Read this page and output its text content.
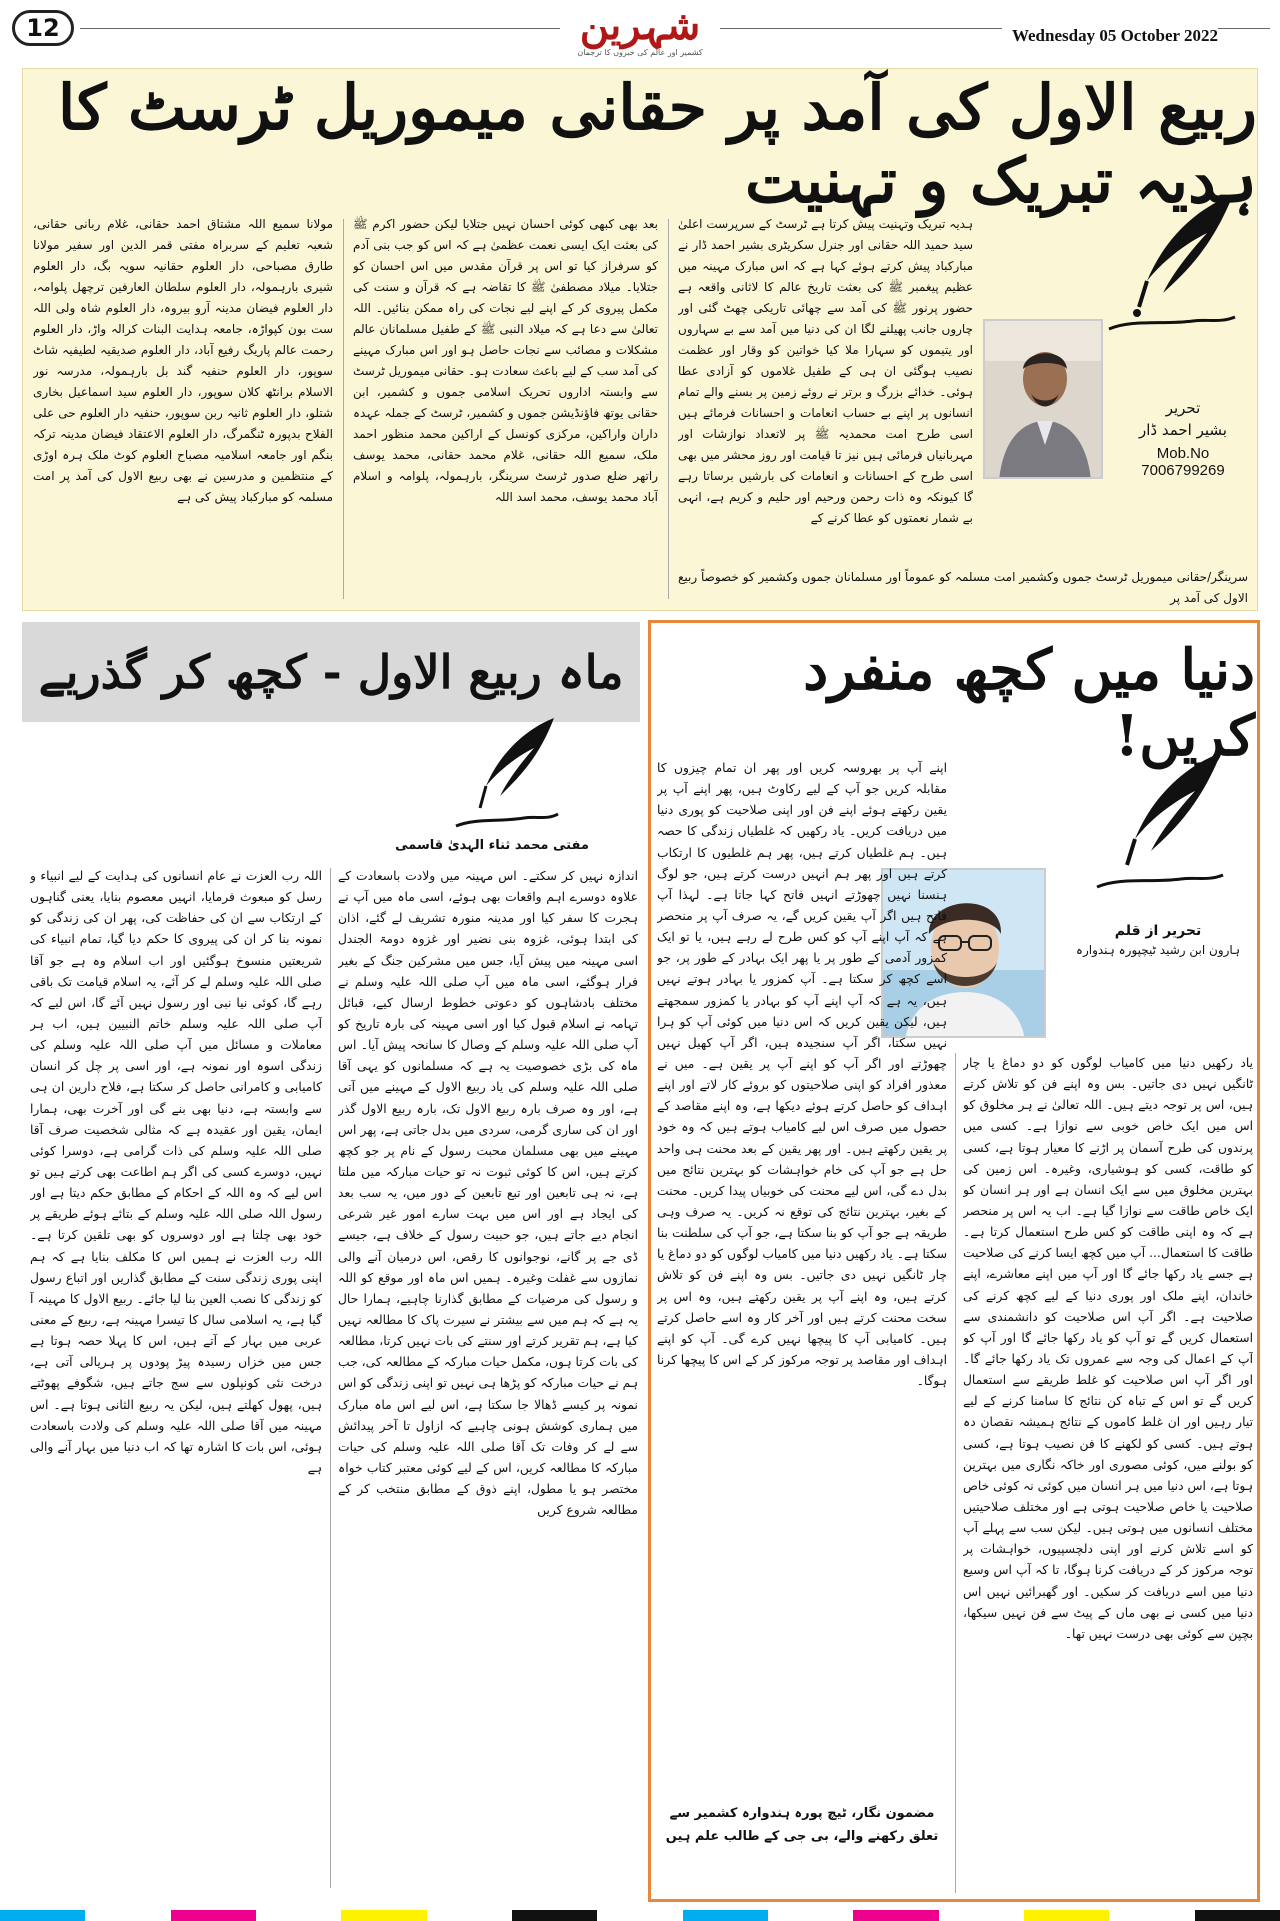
12	شہرین
کشمیر اور عالم کی خبروں کا ترجمان
Wednesday 05 October 2022
ربیع الاول کی آمد پر حقانی میموریل ٹرسٹ کا ہدیہ تبریک و تہنیت
تحریر
بشیر احمد ڈار
Mob.No 7006799269
ہدیہ تبریک وتہنیت پیش کرتا ہے ٹرسٹ کے سرپرست اعلیٰ سید حمید اللہ حقانی اور جنرل سکریٹری بشیر احمد ڈار نے مبارکباد پیش کرتے ہوئے کہا ہے کہ اس مبارک مہینہ میں عظیم پیغمبر ﷺ کی بعثت تاریخ عالم کا لاثانی واقعہ ہے حضور پرنور ﷺ کی آمد سے چھائی تاریکی چھٹ گئی اور چاروں جانب پھیلنے لگا ان کی دنیا میں آمد سے بے سہاروں اور یتیموں کو سہارا ملا کیا خواتین کو وقار اور عظمت نصیب ہوگئی ان ہی کے طفیل غلاموں کو آزادی عطا ہوئی۔ خدائے بزرگ و برتر نے روئے زمین پر بسنے والے تمام انسانوں پر اپنے بے حساب انعامات و احسانات فرمائے ہیں اسی طرح امت محمدیہ ﷺ پر لاتعداد نوازشات اور مہربانیاں فرمائی ہیں نیز تا قیامت اور روز محشر میں بھی اسی طرح کے احسانات و انعامات کی بارشیں برساتا رہے گا کیونکہ وہ ذات رحمن ورحیم اور حلیم و کریم ہے، انہی بے شمار نعمتوں کو عطا کرنے کے
بعد بھی کبھی کوئی احسان نہیں جتلایا لیکن حضور اکرم ﷺ کی بعثت ایک ایسی نعمت عظمیٰ ہے کہ اس کو جب بنی آدم کو سرفراز کیا تو اس پر قرآن مقدس میں اس احسان کو جتلایا۔ میلاد مصطفیٰ ﷺ کا تقاضہ ہے کہ قرآن و سنت کی مکمل پیروی کر کے اپنے لیے نجات کی راہ ممکن بنائیں۔ اللہ تعالیٰ سے دعا ہے کہ میلاد النبی ﷺ کے طفیل مسلمانان عالم مشکلات و مصائب سے نجات حاصل ہو اور اس مبارک مہینے کی آمد سب کے لیے باعث سعادت ہو۔ حقانی میموریل ٹرسٹ سے وابستہ اداروں تحریک اسلامی جموں و کشمیر، ابن حقانی یوتھ فاؤنڈیشن جموں و کشمیر، ٹرسٹ کے جملہ عہدہ داران واراکین، مرکزی کونسل کے اراکین محمد منظور احمد ملک، سمیع اللہ حقانی، غلام محمد حقانی، محمد یوسف راتھر ضلع صدور ٹرسٹ سرینگر، بارہمولہ، پلوامہ و اسلام آباد محمد یوسف، محمد اسد اللہ
مولانا سمیع اللہ مشتاق احمد حقانی، غلام ربانی حقانی، شعبہ تعلیم کے سربراہ مفتی قمر الدین اور سفیر مولانا طارق مصباحی، دار العلوم حقانیہ سویہ بگ، دار العلوم شیری بارہمولہ، دار العلوم سلطان العارفین ترچھل پلوامہ، دار العلوم فیضان مدینہ آرو بیروہ، دار العلوم شاہ ولی اللہ ست بون کپواڑہ، جامعہ ہدایت البنات کرالہ واڑ، دار العلوم رحمت عالم پاریگ رفیع آباد، دار العلوم صدیقیہ لطیفیہ شاٹ سوپور، دار العلوم حنفیہ گند بل بارہمولہ، مدرسہ نور الاسلام برانٹھ کلان سوپور، دار العلوم سید اسماعیل بخاری شتلو، دار العلوم ثانیہ ربن سوپور، حنفیہ دار العلوم حی علی الفلاح بدپورہ ٹنگمرگ، دار العلوم الاعتقاد فیضان مدینہ ترکہ بنگم اور جامعہ اسلامیہ مصباح العلوم کوٹ ملک ہرہ اوڑی کے منتظمین و مدرسین نے بھی ربیع الاول کی آمد پر امت مسلمہ کو مبارکباد پیش کی ہے
سرینگر/حقانی میموریل ٹرسٹ جموں وکشمیر امت مسلمہ کو عموماً اور مسلمانان جموں وکشمیر کو خصوصاً ربیع الاول کی آمد پر
ماہ ربیع الاول - کچھ کر گذریے
مفتی محمد ثناء الہدیٰ قاسمی
اندازہ نہیں کر سکتے۔ اس مہینہ میں ولادت باسعادت کے علاوہ دوسرے اہم واقعات بھی ہوئے، اسی ماہ میں آپ نے ہجرت کا سفر کیا اور مدینہ منورہ تشریف لے گئے، اذان کی ابتدا ہوئی، غزوہ بنی نضیر اور غزوہ دومۃ الجندل اسی مہینہ میں پیش آیا، جس میں مشرکین جنگ کے بغیر فرار ہوگئے، اسی ماہ میں آپ صلی اللہ علیہ وسلم نے مختلف بادشاہوں کو دعوتی خطوط ارسال کیے، قبائل تہامہ نے اسلام قبول کیا اور اسی مہینہ کی بارہ تاریخ کو آپ صلی اللہ علیہ وسلم کے وصال کا سانحہ پیش آیا۔ اس ماہ کی بڑی خصوصیت یہ ہے کہ مسلمانوں کو یہی آقا صلی اللہ علیہ وسلم کی یاد ربیع الاول کے مہینے میں آتی ہے، اور وہ صرف بارہ ربیع الاول تک، بارہ ربیع الاول گذر اور ان کی ساری گرمی، سردی میں بدل جاتی ہے، پھر اس مہینے میں بھی مسلمان محبت رسول کے نام پر جو کچھ کرتے ہیں، اس کا کوئی ثبوت نہ تو حیات مبارکہ میں ملتا ہے، نہ ہی تابعین اور تبع تابعین کے دور میں، یہ سب بعد کی ایجاد ہے اور اس میں بہت سارے امور غیر شرعی انجام دیے جاتے ہیں، جو حبیت رسول کے خلاف ہے، جیسے ڈی جے پر گانے، نوجوانوں کا رقص، اس درمیان آنے والی نمازوں سے غفلت وغیرہ۔ ہمیں اس ماہ اور موقع کو اللہ و رسول کی مرضیات کے مطابق گذارنا چاہیے، ہمارا حال یہ ہے کہ ہم میں سے بیشتر نے سیرت پاک کا مطالعہ نہیں کیا ہے، ہم تقریر کرتے اور سنتے کی بات نہیں کرتا، مطالعہ کی بات کرتا ہوں، مکمل حیات مبارکہ کے مطالعہ کی، جب ہم نے حیات مبارکہ کو پڑھا ہی نہیں تو اپنی زندگی کو اس نمونہ پر کیسے ڈھالا جا سکتا ہے، اس لیے اس ماہ مبارک میں ہماری کوشش ہونی چاہیے کہ ازاول تا آخر پیدائش سے لے کر وفات تک آقا صلی اللہ علیہ وسلم کی حیات مبارکہ کا مطالعہ کریں، اس کے لیے کوئی معتبر کتاب خواہ مختصر ہو یا مطول، اپنے ذوق کے مطابق منتخب کر کے مطالعہ شروع کریں
اللہ رب العزت نے عام انسانوں کی ہدایت کے لیے انبیاء و رسل کو مبعوث فرمایا، انہیں معصوم بنایا، یعنی گناہوں کے ارتکاب سے ان کی حفاظت کی، پھر ان کی زندگی کو نمونہ بنا کر ان کی پیروی کا حکم دیا گیا، تمام انبیاء کی شریعتیں منسوخ ہوگئیں اور اب اسلام وہ ہے جو آقا صلی اللہ علیہ وسلم لے کر آئے، یہ اسلام قیامت تک باقی رہے گا، کوئی نیا نبی اور رسول نہیں آئے گا، اس لیے کہ آپ صلی اللہ علیہ وسلم خاتم النبیین ہیں، اب ہر معاملات و مسائل میں آپ صلی اللہ علیہ وسلم کی زندگی اسوہ اور نمونہ ہے، اور اسی پر چل کر انسان کامیابی و کامرانی حاصل کر سکتا ہے، فلاح دارین ان ہی سے وابستہ ہے، دنیا بھی بنے گی اور آخرت بھی، ہمارا ایمان، یقین اور عقیدہ ہے کہ مثالی شخصیت صرف آقا صلی اللہ علیہ وسلم کی ذات گرامی ہے، دوسرا کوئی نہیں، دوسرے کسی کی اگر ہم اطاعت بھی کرتے ہیں تو اس لیے کہ وہ اللہ کے احکام کے مطابق حکم دیتا ہے اور رسول اللہ صلی اللہ علیہ وسلم کے بتائے ہوئے طریقے پر خود بھی چلتا ہے اور دوسروں کو بھی تلقین کرتا ہے۔ اللہ رب العزت نے ہمیں اس کا مکلف بنایا ہے کہ ہم اپنی پوری زندگی سنت کے مطابق گذاریں اور اتباع رسول کو زندگی کا نصب العین بنا لیا جائے۔ ربیع الاول کا مہینہ آ گیا ہے، یہ اسلامی سال کا تیسرا مہینہ ہے، ربیع کے معنی عربی میں بہار کے آتے ہیں، اس کا پہلا حصہ ہوتا ہے جس میں خزاں رسیدہ پیڑ پودوں پر ہریالی آتی ہے، درخت نئی کونپلوں سے سج جاتے ہیں، شگوفے پھوٹتے ہیں، پھول کھلتے ہیں، لیکن یہ ربیع الثانی ہوتا ہے۔ اس مہینہ میں آقا صلی اللہ علیہ وسلم کی ولادت باسعادت ہوئی، اس بات کا اشارہ تھا کہ اب دنیا میں بہار آنے والی ہے
دنیا میں کچھ منفرد کریں!
تحریر از قلم
ہارون ابن رشید ٹیچپورہ ہندوارہ
اپنے آپ پر بھروسہ کریں اور پھر ان تمام چیزوں کا مقابلہ کریں جو آپ کے لیے رکاوٹ ہیں، پھر اپنے آپ پر یقین رکھتے ہوئے اپنے فن اور اپنی صلاحیت کو پوری دنیا میں دریافت کریں۔ یاد رکھیں کہ غلطیاں زندگی کا حصہ ہیں۔ ہم غلطیاں کرتے ہیں، پھر ہم غلطیوں کا ارتکاب کرتے ہیں اور پھر ہم انہیں درست کرتے ہیں، جو لوگ ہنسنا نہیں چھوڑتے انہیں فاتح کہا جاتا ہے۔ لہذا آپ فاتح ہیں اگر آپ یقین کریں گے، یہ صرف آپ پر منحصر ہے کہ آپ اپنے آپ کو کس طرح لے رہے ہیں، یا تو ایک کمزور آدمی کے طور پر یا پھر ایک بہادر کے طور پر، جو اسے کچھ کر سکتا ہے۔ آپ کمزور یا بہادر ہوتے نہیں ہیں، یہ ہے کہ آپ اپنے آپ کو بہادر یا کمزور سمجھتے ہیں، لیکن یقین کریں کہ اس دنیا میں کوئی آپ کو ہرا نہیں سکتا، اگر آپ سنجیدہ ہیں، اگر آپ کھیل نہیں چھوڑتے اور اگر آپ کو اپنے آپ پر یقین ہے۔ میں نے معذور افراد کو اپنی صلاحیتوں کو بروئے کار لاتے اور اپنے اہداف کو حاصل کرتے ہوئے دیکھا ہے، وہ اپنے مقاصد کے حصول میں صرف اس لیے کامیاب ہوتے ہیں کہ وہ خود پر یقین رکھتے ہیں۔ اور پھر یقین کے بعد محنت ہی واحد حل ہے جو آپ کی خام خواہشات کو بہترین نتائج میں بدل دے گی، اس لیے محنت کی خوبیاں پیدا کریں۔ محنت کے بغیر، بہترین نتائج کی توقع نہ کریں۔ یہ صرف وہی طریقہ ہے جو آپ کو بنا سکتا ہے، جو آپ کی سلطنت بنا سکتا ہے۔ یاد رکھیں دنیا میں کامیاب لوگوں کو دو دماغ یا چار ٹانگیں نہیں دی جاتیں۔ بس وہ اپنے فن کو تلاش کرتے ہیں، وہ اپنے آپ پر یقین رکھتے ہیں، وہ اس پر سخت محنت کرتے ہیں اور آخر کار وہ اسے حاصل کرتے ہیں۔ کامیابی آپ کا پیچھا نہیں کرے گی۔ آپ کو اپنے اہداف اور مقاصد پر توجہ مرکوز کر کے اس کا پیچھا کرنا ہوگا۔
یاد رکھیں دنیا میں کامیاب لوگوں کو دو دماغ یا چار ٹانگیں نہیں دی جاتیں۔ بس وہ اپنے فن کو تلاش کرتے ہیں، اس پر توجہ دیتے ہیں۔ اللہ تعالیٰ نے ہر مخلوق کو اس میں ایک خاص خوبی سے نوازا ہے۔ کسی میں پرندوں کی طرح آسمان پر اڑنے کا معیار ہوتا ہے، کسی کو طاقت، کسی کو ہوشیاری، وغیرہ۔ اس زمین کی بہترین مخلوق میں سے ایک انسان ہے اور ہر انسان کو ایک خاص طاقت سے نوازا گیا ہے۔ اب یہ اس پر منحصر ہے کہ وہ اپنی طاقت کو کس طرح استعمال کرتا ہے۔ طاقت کا استعمال... آپ میں کچھ ایسا کرنے کی صلاحیت ہے جسے یاد رکھا جائے گا اور آپ میں اپنے معاشرے، اپنے خاندان، اپنے ملک اور پوری دنیا کے لیے کچھ کرنے کی صلاحیت ہے۔ اگر آپ اس صلاحیت کو دانشمندی سے استعمال کریں گے تو آپ کو یاد رکھا جائے گا اور آپ کو آپ کے اعمال کی وجہ سے عمروں تک یاد رکھا جائے گا۔ اور اگر آپ اس صلاحیت کو غلط طریقے سے استعمال کریں گے تو اس کے تباہ کن نتائج کا سامنا کرنے کے لیے تیار رہیں اور ان غلط کاموں کے نتائج ہمیشہ نقصان دہ ہوتے ہیں۔ کسی کو لکھنے کا فن نصیب ہوتا ہے، کسی کو بولنے میں، کوئی مصوری اور خاکہ نگاری میں بہترین ہوتا ہے، اس دنیا میں ہر انسان میں کوئی نہ کوئی خاص صلاحیت یا خاص صلاحیت ہوتی ہے اور مختلف صلاحیتیں مختلف انسانوں میں ہوتی ہیں۔ لیکن سب سے پہلے آپ کو اسے تلاش کرنے اور اپنی دلچسپیوں، خواہشات پر توجہ مرکوز کر کے دریافت کرنا ہوگا، تا کہ آپ اس وسیع دنیا میں اسے دریافت کر سکیں۔ اور گھبرائیں نہیں اس دنیا میں کسی نے بھی ماں کے پیٹ سے فن نہیں سیکھا، بچپن سے کوئی بھی درست نہیں تھا۔
مضمون نگار، ٹیچ پورہ ہندوارہ کشمیر سے تعلق رکھنے والے، بی جی کے طالب علم ہیں
